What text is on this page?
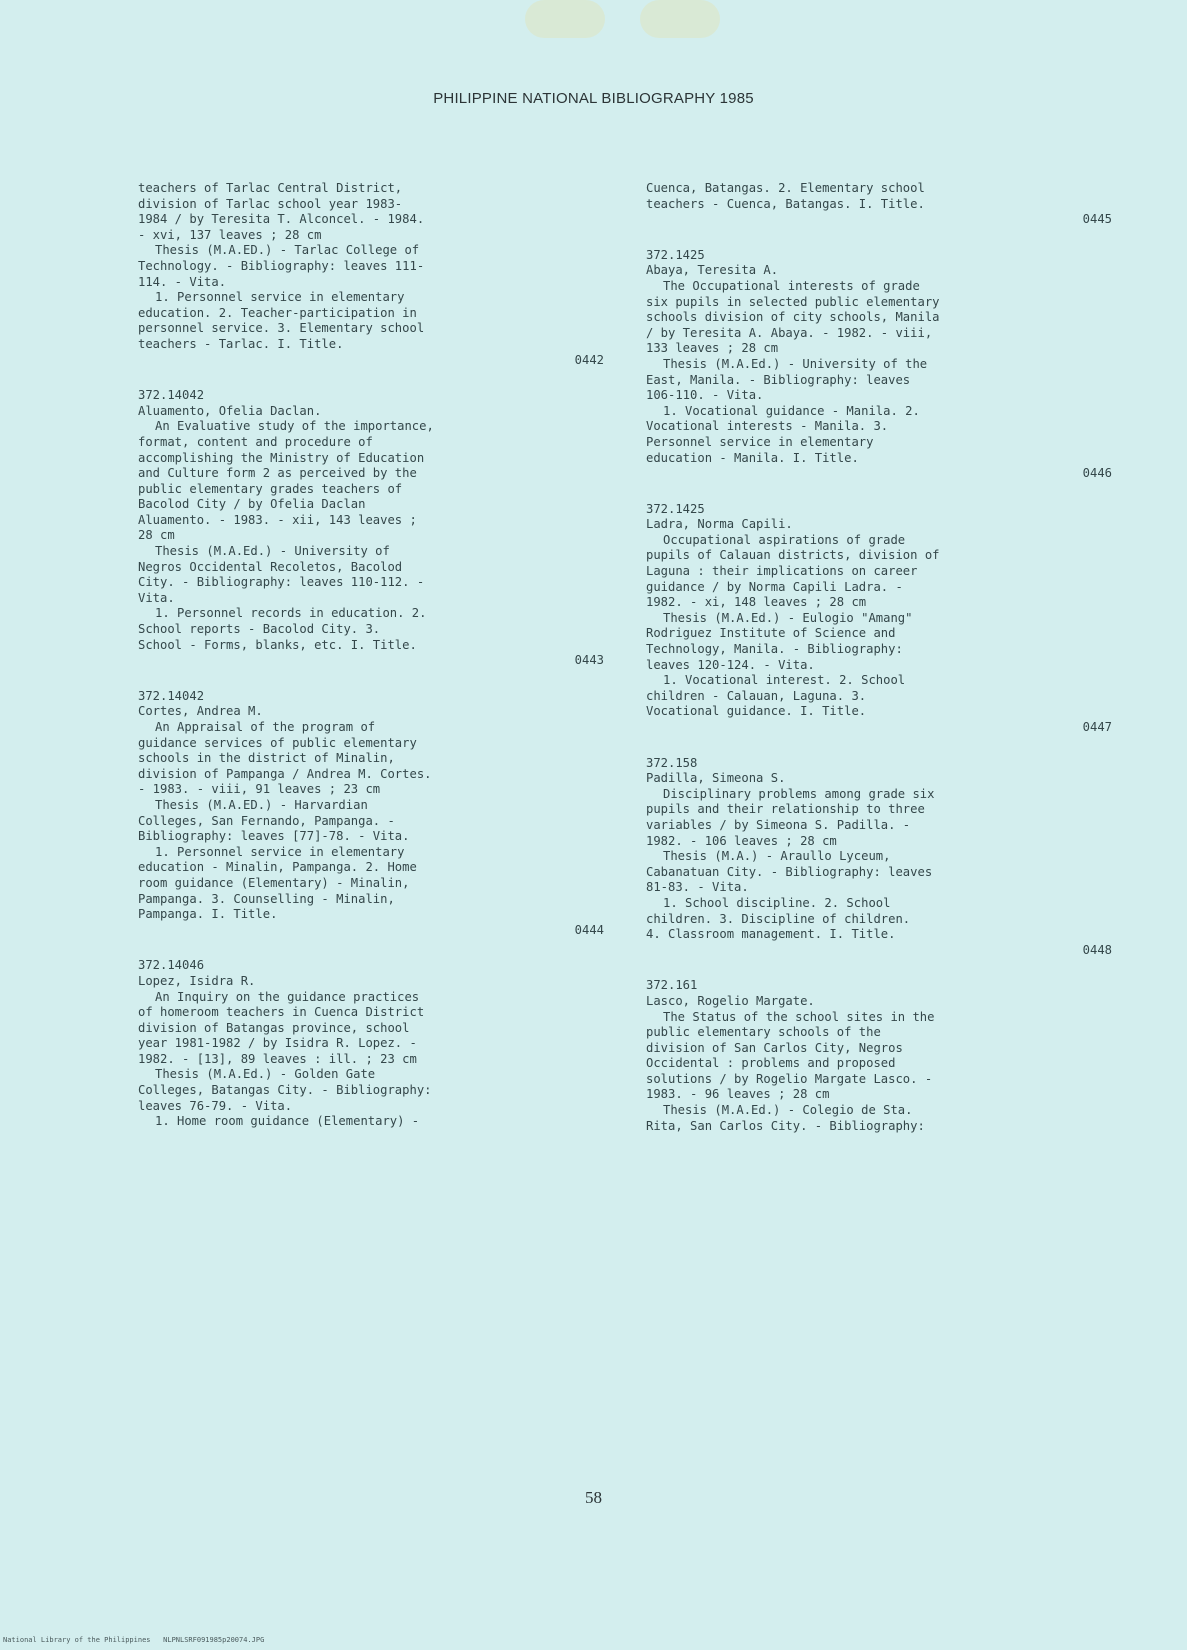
PHILIPPINE NATIONAL BIBLIOGRAPHY 1985
teachers of Tarlac Central District,
division of Tarlac school year 1983-
1984 / by Teresita T. Alconcel. - 1984.
- xvi, 137 leaves ; 28 cm
Thesis (M.A.ED.) - Tarlac College of
Technology. - Bibliography: leaves 111-
114. - Vita.
1. Personnel service in elementary
education. 2. Teacher-participation in
personnel service. 3. Elementary school
teachers - Tarlac. I. Title.
0442
372.14042
Aluamento, Ofelia Daclan.
An Evaluative study of the importance,
format, content and procedure of
accomplishing the Ministry of Education
and Culture form 2 as perceived by the
public elementary grades teachers of
Bacolod City / by Ofelia Daclan
Aluamento. - 1983. - xii, 143 leaves ;
28 cm
Thesis (M.A.Ed.) - University of
Negros Occidental Recoletos, Bacolod
City. - Bibliography: leaves 110-112. -
Vita.
1. Personnel records in education. 2.
School reports - Bacolod City. 3.
School - Forms, blanks, etc. I. Title.
0443
372.14042
Cortes, Andrea M.
An Appraisal of the program of
guidance services of public elementary
schools in the district of Minalin,
division of Pampanga / Andrea M. Cortes.
- 1983. - viii, 91 leaves ; 23 cm
Thesis (M.A.ED.) - Harvardian
Colleges, San Fernando, Pampanga. -
Bibliography: leaves [77]-78. - Vita.
1. Personnel service in elementary
education - Minalin, Pampanga. 2. Home
room guidance (Elementary) - Minalin,
Pampanga. 3. Counselling - Minalin,
Pampanga. I. Title.
0444
372.14046
Lopez, Isidra R.
An Inquiry on the guidance practices
of homeroom teachers in Cuenca District
division of Batangas province, school
year 1981-1982 / by Isidra R. Lopez. -
1982. - [13], 89 leaves : ill. ; 23 cm
Thesis (M.A.Ed.) - Golden Gate
Colleges, Batangas City. - Bibliography:
leaves 76-79. - Vita.
1. Home room guidance (Elementary) -
Cuenca, Batangas. 2. Elementary school
teachers - Cuenca, Batangas. I. Title.
0445
372.1425
Abaya, Teresita A.
The Occupational interests of grade
six pupils in selected public elementary
schools division of city schools, Manila
/ by Teresita A. Abaya. - 1982. - viii,
133 leaves ; 28 cm
Thesis (M.A.Ed.) - University of the
East, Manila. - Bibliography: leaves
106-110. - Vita.
1. Vocational guidance - Manila. 2.
Vocational interests - Manila. 3.
Personnel service in elementary
education - Manila. I. Title.
0446
372.1425
Ladra, Norma Capili.
Occupational aspirations of grade
pupils of Calauan districts, division of
Laguna : their implications on career
guidance / by Norma Capili Ladra. -
1982. - xi, 148 leaves ; 28 cm
Thesis (M.A.Ed.) - Eulogio "Amang"
Rodriguez Institute of Science and
Technology, Manila. - Bibliography:
leaves 120-124. - Vita.
1. Vocational interest. 2. School
children - Calauan, Laguna. 3.
Vocational guidance. I. Title.
0447
372.158
Padilla, Simeona S.
Disciplinary problems among grade six
pupils and their relationship to three
variables / by Simeona S. Padilla. -
1982. - 106 leaves ; 28 cm
Thesis (M.A.) - Araullo Lyceum,
Cabanatuan City. - Bibliography: leaves
81-83. - Vita.
1. School discipline. 2. School
children. 3. Discipline of children.
4. Classroom management. I. Title.
0448
372.161
Lasco, Rogelio Margate.
The Status of the school sites in the
public elementary schools of the
division of San Carlos City, Negros
Occidental : problems and proposed
solutions / by Rogelio Margate Lasco. -
1983. - 96 leaves ; 28 cm
Thesis (M.A.Ed.) - Colegio de Sta.
Rita, San Carlos City. - Bibliography:
58
National Library of the Philippines   NLPNLSRF091985p20074.JPG
